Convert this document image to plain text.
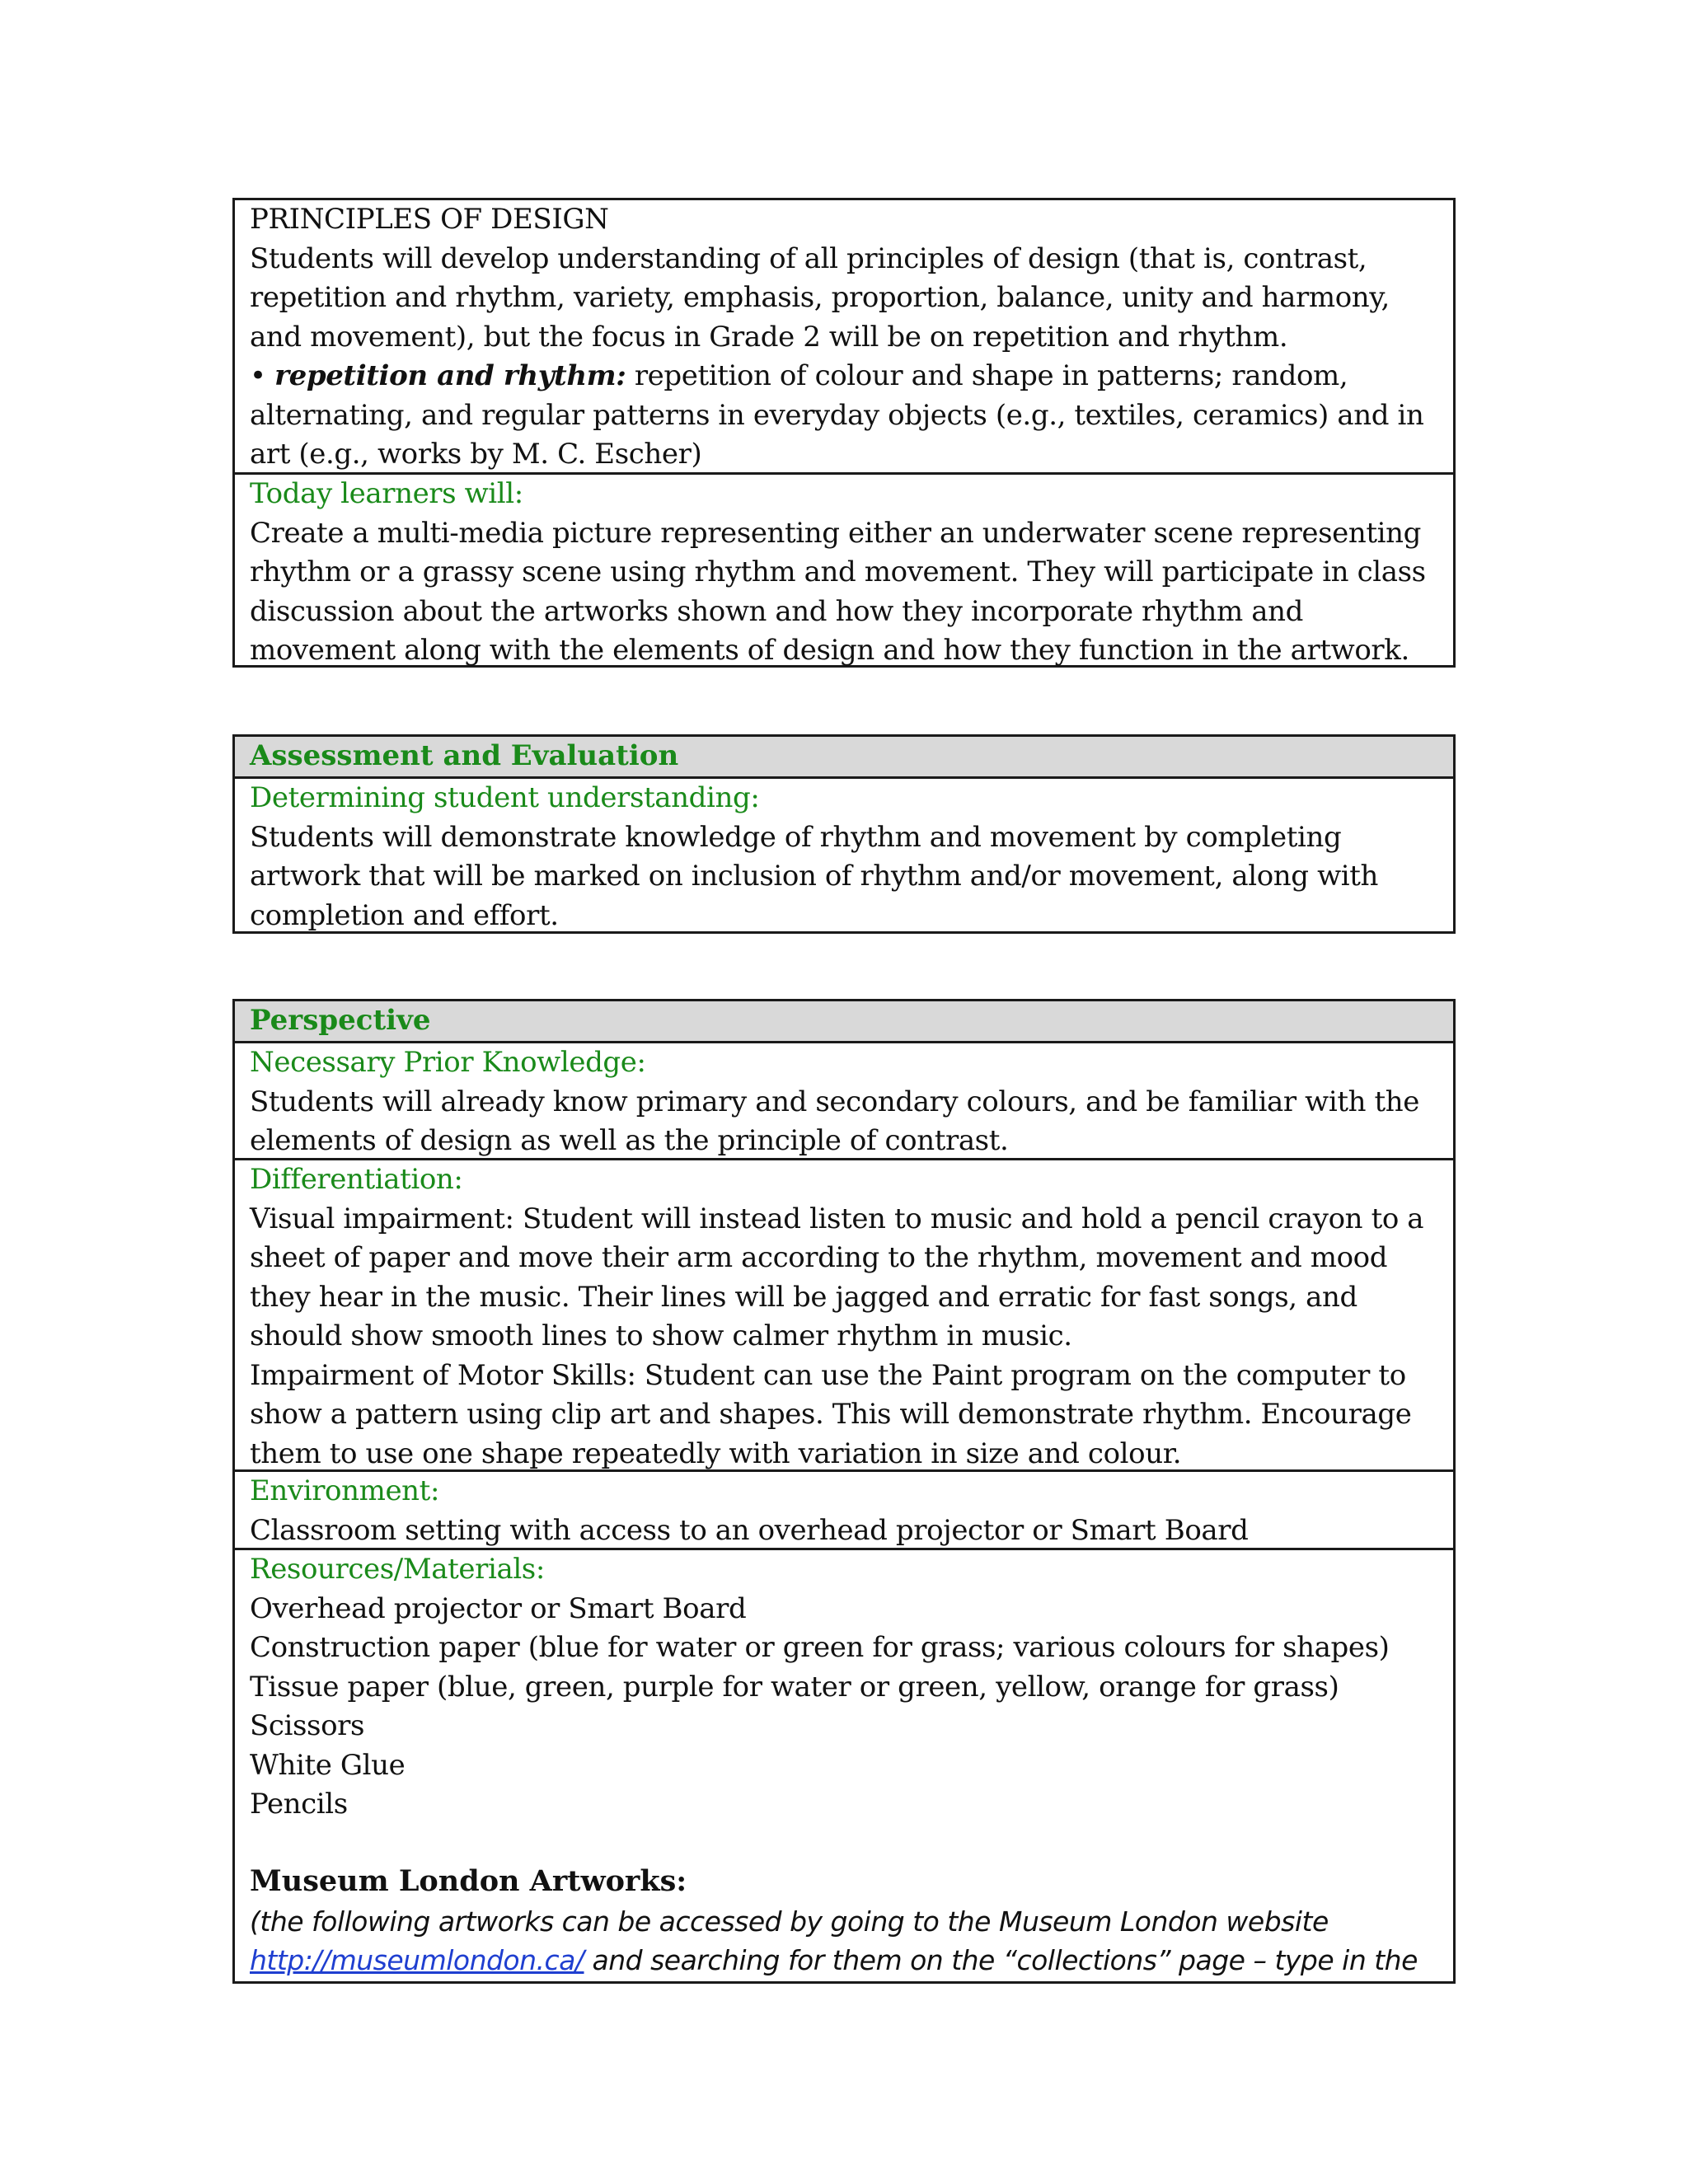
PRINCIPLES OF DESIGN
Students will develop understanding of all principles of design (that is, contrast,
repetition and rhythm, variety, emphasis, proportion, balance, unity and harmony,
and movement), but the focus in Grade 2 will be on repetition and rhythm.
• repetition and rhythm: repetition of colour and shape in patterns; random,
alternating, and regular patterns in everyday objects (e.g., textiles, ceramics) and in
art (e.g., works by M. C. Escher)
Today learners will:
Create a multi-media picture representing either an underwater scene representing
rhythm or a grassy scene using rhythm and movement. They will participate in class
discussion about the artworks shown and how they incorporate rhythm and
movement along with the elements of design and how they function in the artwork.
Assessment and Evaluation
Determining student understanding:
Students will demonstrate knowledge of rhythm and movement by completing
artwork that will be marked on inclusion of rhythm and/or movement, along with
completion and effort.
Perspective
Necessary Prior Knowledge:
Students will already know primary and secondary colours, and be familiar with the
elements of design as well as the principle of contrast.
Differentiation:
Visual impairment: Student will instead listen to music and hold a pencil crayon to a
sheet of paper and move their arm according to the rhythm, movement and mood
they hear in the music. Their lines will be jagged and erratic for fast songs, and
should show smooth lines to show calmer rhythm in music.
Impairment of Motor Skills: Student can use the Paint program on the computer to
show a pattern using clip art and shapes. This will demonstrate rhythm. Encourage
them to use one shape repeatedly with variation in size and colour.
Environment:
Classroom setting with access to an overhead projector or Smart Board
Resources/Materials:
Overhead projector or Smart Board
Construction paper (blue for water or green for grass; various colours for shapes)
Tissue paper (blue, green, purple for water or green, yellow, orange for grass)
Scissors
White Glue
Pencils
Museum London Artworks:
(the following artworks can be accessed by going to the Museum London website
http://museumlondon.ca/ and searching for them on the “collections” page – type in the
